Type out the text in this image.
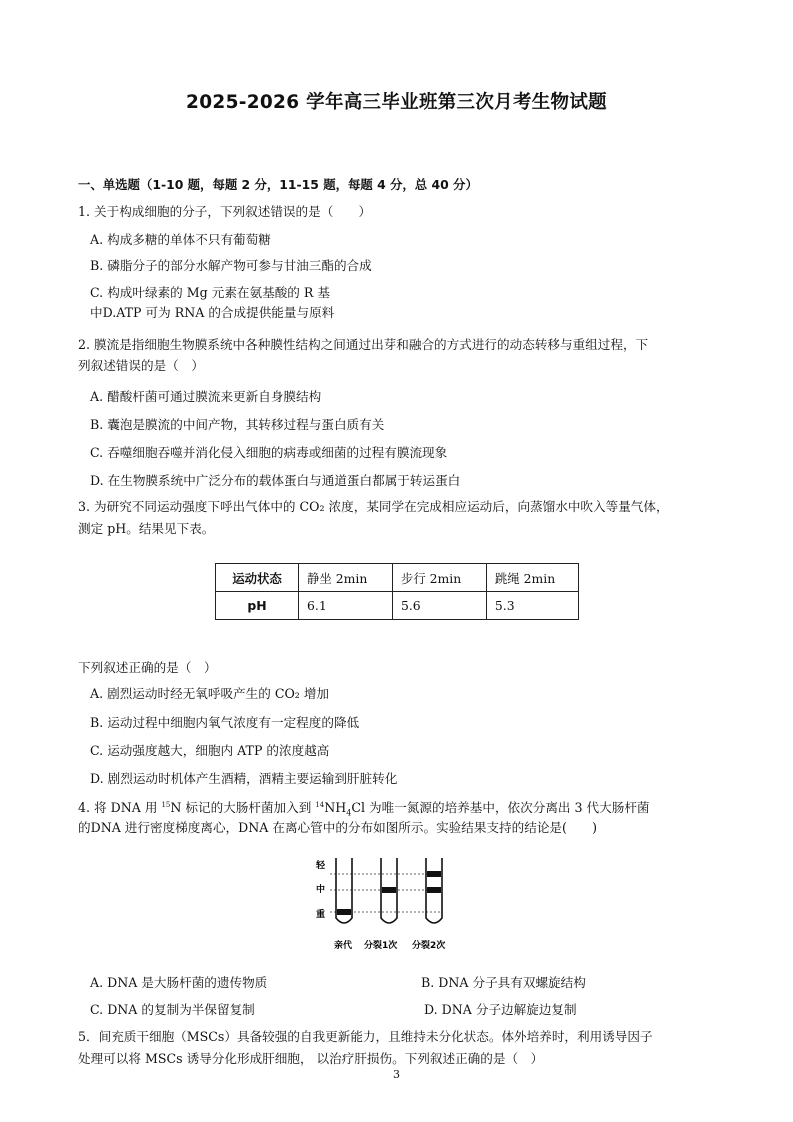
2025-2026 学年高三毕业班第三次月考生物试题
一、单选题（1-10 题，每题 2 分，11-15 题，每题 4 分，总 40 分）
1. 关于构成细胞的分子，下列叙述错误的是（　　）
A. 构成多糖的单体不只有葡萄糖
B. 磷脂分子的部分水解产物可参与甘油三酯的合成
C. 构成叶绿素的 Mg 元素在氨基酸的 R 基
中D.ATP 可为 RNA 的合成提供能量与原料
2. 膜流是指细胞生物膜系统中各种膜性结构之间通过出芽和融合的方式进行的动态转移与重组过程，下
列叙述错误的是（　）
A. 醋酸杆菌可通过膜流来更新自身膜结构
B. 囊泡是膜流的中间产物，其转移过程与蛋白质有关
C. 吞噬细胞吞噬并消化侵入细胞的病毒或细菌的过程有膜流现象
D. 在生物膜系统中广泛分布的载体蛋白与通道蛋白都属于转运蛋白
3. 为研究不同运动强度下呼出气体中的 CO₂ 浓度，某同学在完成相应运动后，向蒸馏水中吹入等量气体，
测定 pH。结果见下表。
运动状态	静坐 2min	步行 2min	跳绳 2min
pH	6.1	5.6	5.3
下列叙述正确的是（　）
A. 剧烈运动时经无氧呼吸产生的 CO₂ 增加
B. 运动过程中细胞内氧气浓度有一定程度的降低
C. 运动强度越大，细胞内 ATP 的浓度越高
D. 剧烈运动时机体产生酒精，酒精主要运输到肝脏转化
4. 将 DNA 用 $^{15}$N 标记的大肠杆菌加入到 $^{14}NH_4Cl$ 为唯一氮源的培养基中，依次分离出 3 代大肠杆菌
的DNA 进行密度梯度离心，DNA 在离心管中的分布如图所示。实验结果支持的结论是(　　)
轻
中
重
亲代 分裂1次 分裂2次
A. DNA 是大肠杆菌的遗传物质	B. DNA 分子具有双螺旋结构
C. DNA 的复制为半保留复制	D. DNA 分子边解旋边复制
5．间充质干细胞（MSCs）具备较强的自我更新能力，且维持未分化状态。体外培养时，利用诱导因子
处理可以将 MSCs 诱导分化形成肝细胞， 以治疗肝损伤。下列叙述正确的是（　）
3
